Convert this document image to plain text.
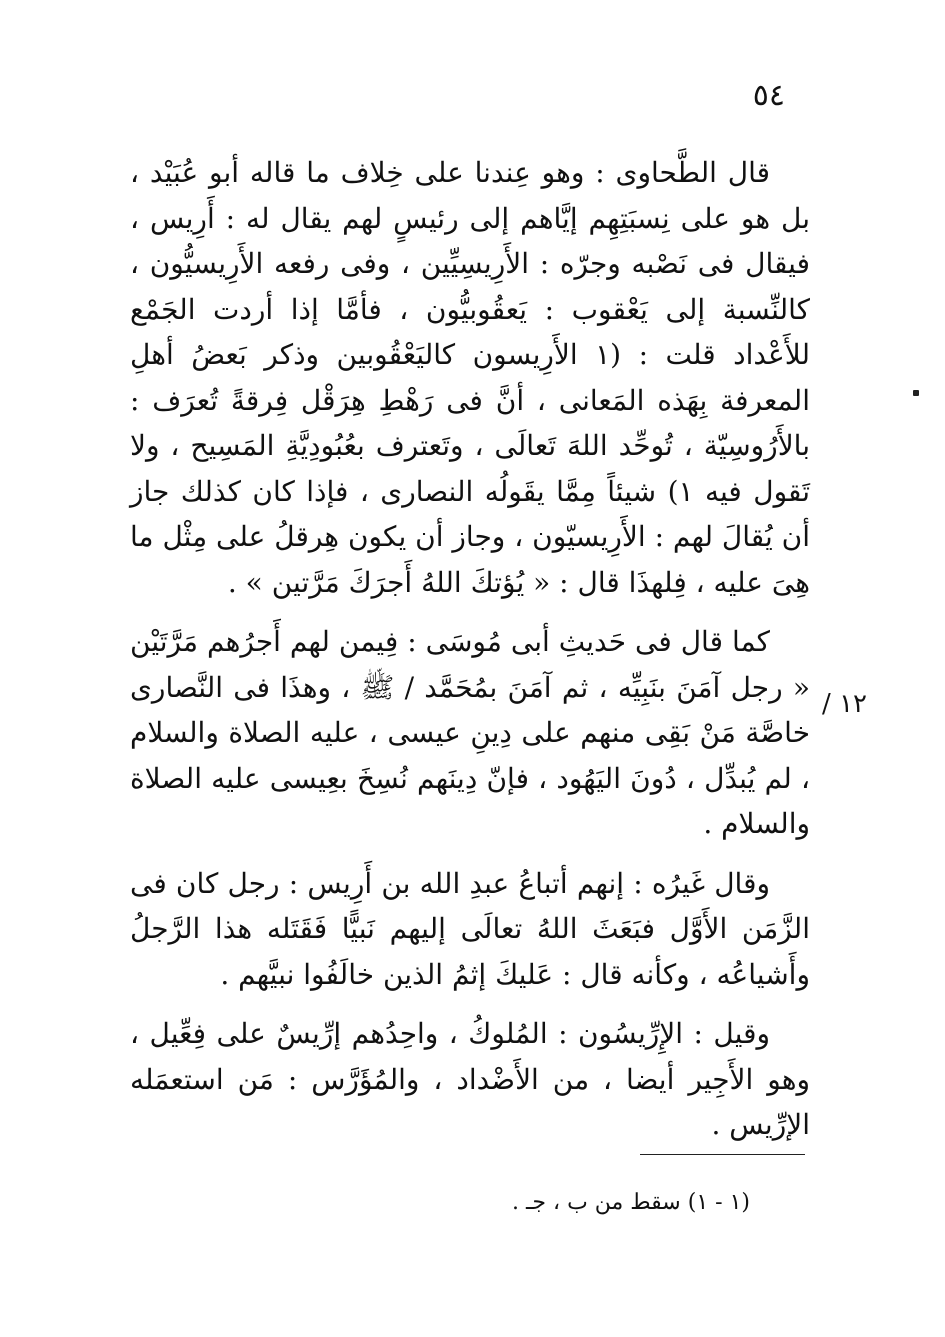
٥٤
١٢ /

قال الطَّحاوى : وهو عِندنا على خِلاف ما قاله أبو عُبَيْد ، بل هو على نِسبَتِهِم إيَّاهم إلى رئيسٍ لهم يقال له : أَرِيس ، فيقال فى نَصْبه وجرّه : الأَرِيسِيِّين ، وفى رفعه الأَرِيسيُّون ، كالنِّسبة إلى يَعْقوب : يَعقُوبيُّون ، فأمَّا إذا أردت الجَمْع للأَعْداد قلت : (١ الأَرِيسون كاليَعْقُوبين وذكر بَعضُ أهلِ المعرفة بِهَذه المَعانى ، أنَّ فى رَهْطِ هِرَقْل فِرقةً تُعرَف : بالأَرُوسِيّة ، تُوحِّد اللهَ تَعالَى ، وتَعترف بعُبُودِيَّةِ المَسِيح ، ولا تَقول فيه ١) شيئاً مِمَّا يقَولُه النصارى ، فإذا كان كذلك جاز أن يُقالَ لهم : الأَرِيسيّون ، وجاز أن يكون هِرقلُ على مِثْل ما هِىَ عليه ، فِلهذَا قال : « يُؤتكَ اللهُ أَجرَكَ مَرَّتين » .

كما قال فى حَديثِ أبى مُوسَى : فِيمن لهم أَجرُهم مَرَّتَيْن « رجل آمَنَ بنَبِيِّه ، ثم آمَنَ بمُحَمَّد / ﷺ ، وهذَا فى النَّصارى خاصَّة مَنْ بَقِى منهم على دِينِ عيسى ، عليه الصلاة والسلام ، لم يُبدِّل ، دُونَ اليَهُود ، فإنّ دِينَهم نُسِخَ بعِيسى عليه الصلاة والسلام .

وقال غَيرُه : إنهم أتباعُ عبدِ الله بن أَرِيس : رجل كان فى الزَّمَن الأَوَّل فبَعَثَ اللهُ تعالَى إليهم نَبيًّا فَقَتَله هذا الرَّجلُ وأَشياعُه ، وكأنه قال : عَليكَ إثمُ الذين خالَفُوا نبيَّهم .

وقيل : الإِرِّيسُون : المُلوكُ ، واحِدُهم إرِّيسٌ على فِعِّيل ، وهو الأَجِير أيضا ، من الأَضْداد ، والمُؤَرَّس : مَن استعمَله الإرِّيس .

(١ - ١) سقط من ب ، جـ .
